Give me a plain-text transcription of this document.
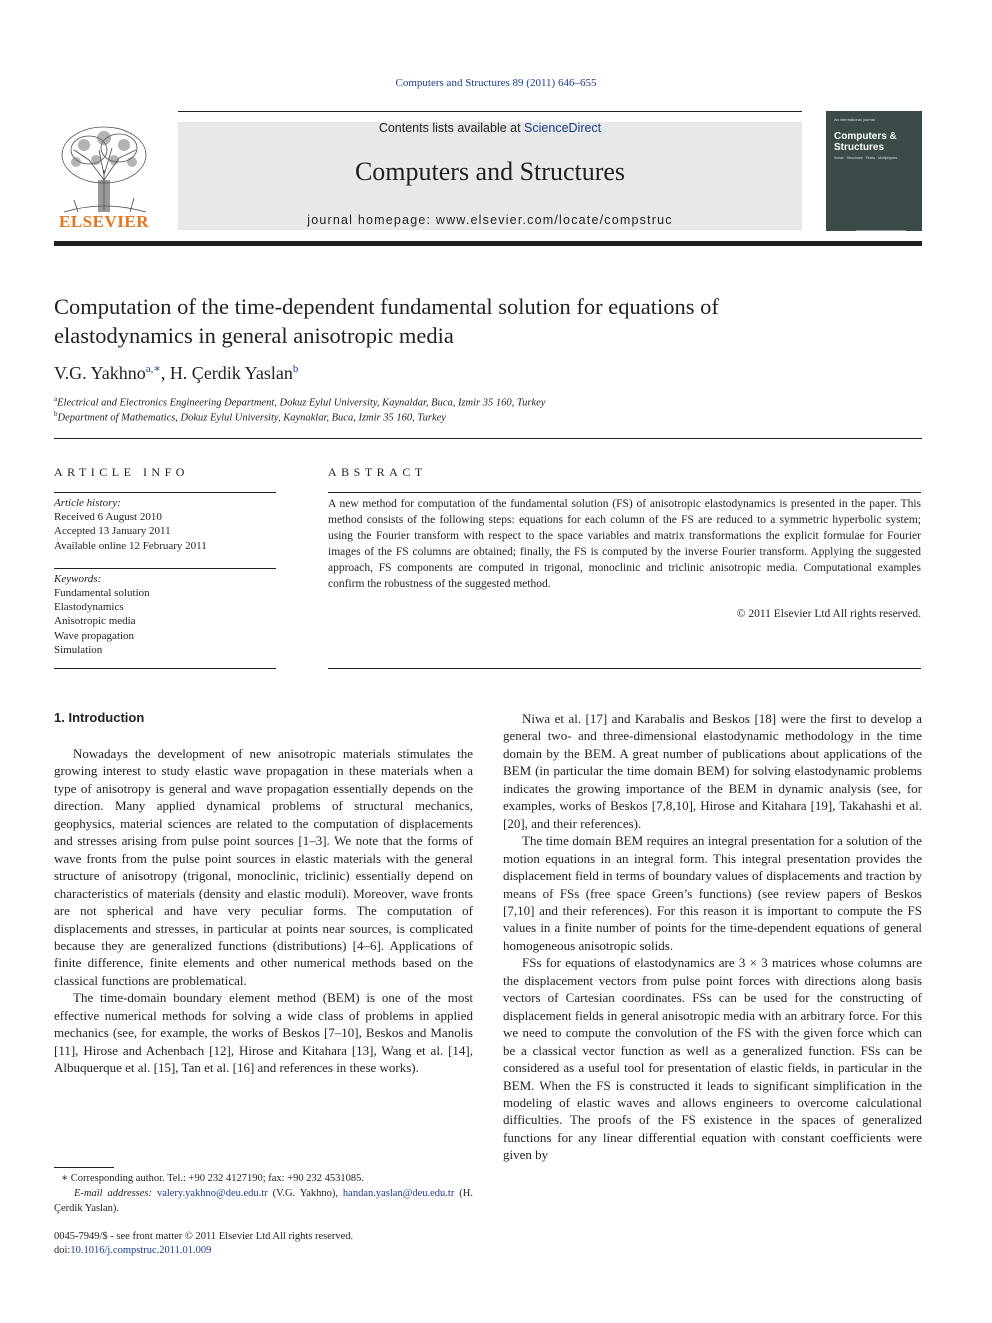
Computers and Structures 89 (2011) 646–655
ELSEVIER
Contents lists available at ScienceDirect
Computers and Structures
journal homepage: www.elsevier.com/locate/compstruc
An international journal
Computers & Structures
Solids · Structures · Fluids · Multiphysics
Computation of the time-dependent fundamental solution for equations of elastodynamics in general anisotropic media
V.G. Yakhno$^{a,∗}$, H. Çerdik Yaslan$^b$
$^a$Electrical and Electronics Engineering Department, Dokuz Eylul University, Kaynaldar, Buca, Izmir 35 160, Turkey
$^b$Department of Mathematics, Dokuz Eylul University, Kaynaklar, Buca, Izmir 35 160, Turkey
ARTICLE INFO
Article history:
Received 6 August 2010
Accepted 13 January 2011
Available online 12 February 2011
Keywords:
Fundamental solution
Elastodynamics
Anisotropic media
Wave propagation
Simulation
ABSTRACT
A new method for computation of the fundamental solution (FS) of anisotropic elastodynamics is presented in the paper. This method consists of the following steps: equations for each column of the FS are reduced to a symmetric hyperbolic system; using the Fourier transform with respect to the space variables and matrix transformations the explicit formulae for Fourier images of the FS columns are obtained; finally, the FS is computed by the inverse Fourier transform. Applying the suggested approach, FS components are computed in trigonal, monoclinic and triclinic anisotropic media. Computational examples confirm the robustness of the suggested method.
© 2011 Elsevier Ltd All rights reserved.
1. Introduction

Nowadays the development of new anisotropic materials stimulates the growing interest to study elastic wave propagation in these materials when a type of anisotropy is general and wave propagation essentially depends on the direction. Many applied dynamical problems of structural mechanics, geophysics, material sciences are related to the computation of displacements and stresses arising from pulse point sources [1–3]. We note that the forms of wave fronts from the pulse point sources in elastic materials with the general structure of anisotropy (trigonal, monoclinic, triclinic) essentially depend on characteristics of materials (density and elastic moduli). Moreover, wave fronts are not spherical and have very peculiar forms. The computation of displacements and stresses, in particular at points near sources, is complicated because they are generalized functions (distributions) [4–6]. Applications of finite difference, finite elements and other numerical methods based on the classical functions are problematical.

The time-domain boundary element method (BEM) is one of the most effective numerical methods for solving a wide class of problems in applied mechanics (see, for example, the works of Beskos [7–10], Beskos and Manolis [11], Hirose and Achenbach [12], Hirose and Kitahara [13], Wang et al. [14], Albuquerque et al. [15], Tan et al. [16] and references in these works).

Niwa et al. [17] and Karabalis and Beskos [18] were the first to develop a general two- and three-dimensional elastodynamic methodology in the time domain by the BEM. A great number of publications about applications of the BEM (in particular the time domain BEM) for solving elastodynamic problems indicates the growing importance of the BEM in dynamic analysis (see, for examples, works of Beskos [7,8,10], Hirose and Kitahara [19], Takahashi et al. [20], and their references).

The time domain BEM requires an integral presentation for a solution of the motion equations in an integral form. This integral presentation provides the displacement field in terms of boundary values of displacements and traction by means of FSs (free space Green’s functions) (see review papers of Beskos [7,10] and their references). For this reason it is important to compute the FS values in a finite number of points for the time-dependent equations of general homogeneous anisotropic solids.

FSs for equations of elastodynamics are 3 × 3 matrices whose columns are the displacement vectors from pulse point forces with directions along basis vectors of Cartesian coordinates. FSs can be used for the constructing of displacement fields in general anisotropic media with an arbitrary force. For this we need to compute the convolution of the FS with the given force which can be a classical vector function as well as a generalized function. FSs can be considered as a useful tool for presentation of elastic fields, in particular in the BEM. When the FS is constructed it leads to significant simplification in the modeling of elastic waves and allows engineers to overcome calculational difficulties. The proofs of the FS existence in the spaces of generalized functions for any linear differential equation with constant coefficients were given by

∗ Corresponding author. Tel.: +90 232 4127190; fax: +90 232 4531085.
E-mail addresses: valery.yakhno@deu.edu.tr (V.G. Yakhno), handan.yaslan@deu.edu.tr (H. Çerdik Yaslan).
0045-7949/$ - see front matter © 2011 Elsevier Ltd All rights reserved.
doi:10.1016/j.compstruc.2011.01.009
